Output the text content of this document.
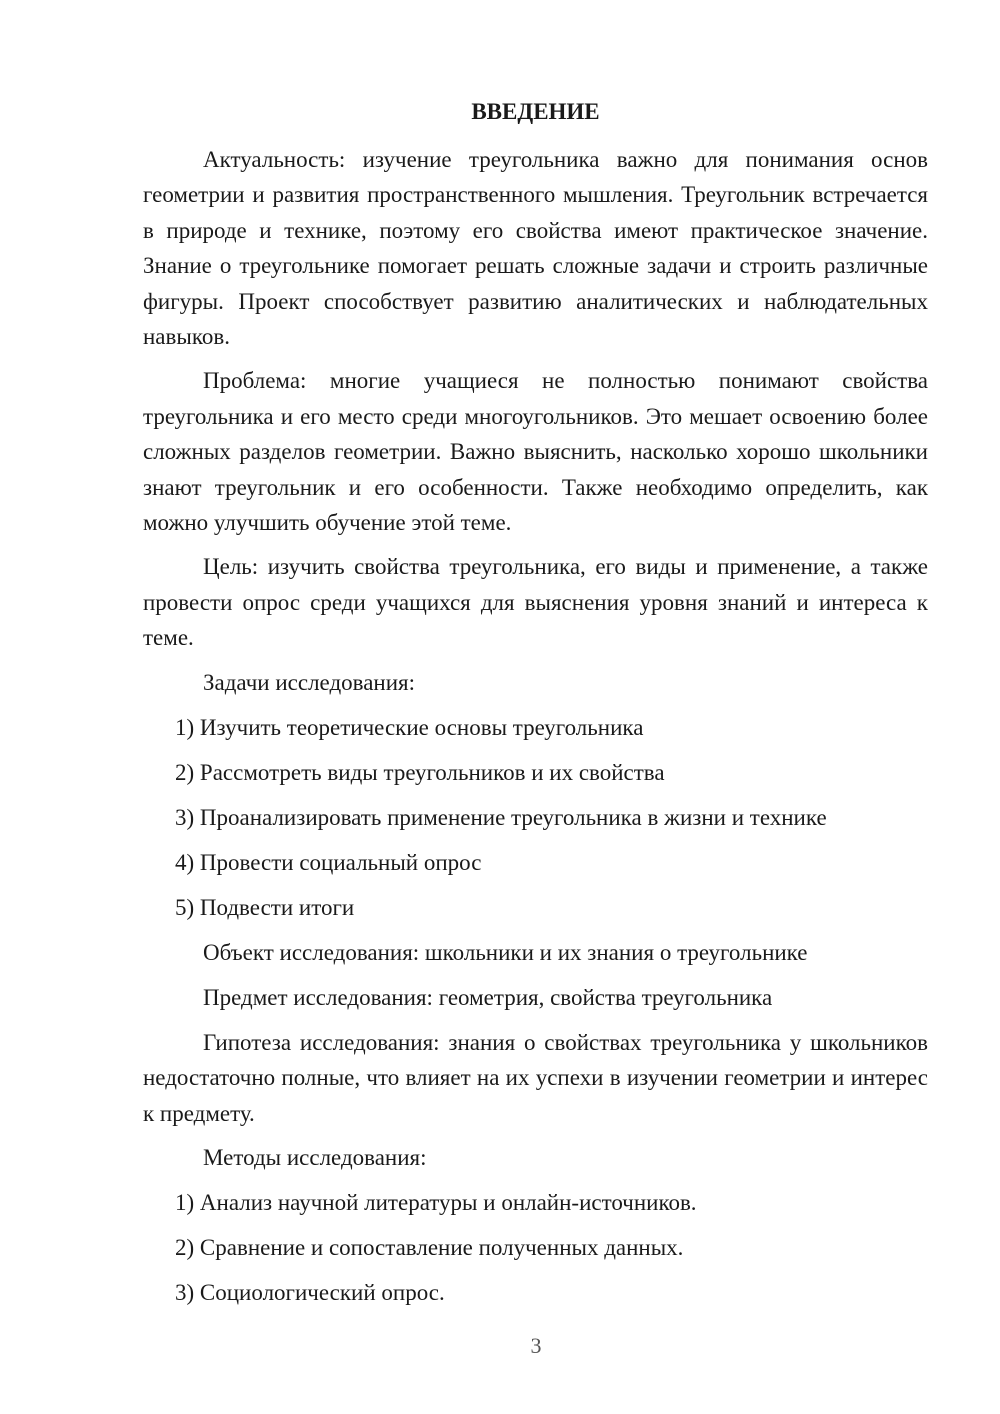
ВВЕДЕНИЕ

Актуальность: изучение треугольника важно для понимания основ геометрии и развития пространственного мышления. Треугольник встречается в природе и технике, поэтому его свойства имеют практическое значение. Знание о треугольнике помогает решать сложные задачи и строить различные фигуры. Проект способствует развитию аналитических и наблюдательных навыков.

Проблема: многие учащиеся не полностью понимают свойства треугольника и его место среди многоугольников. Это мешает освоению более сложных разделов геометрии. Важно выяснить, насколько хорошо школьники знают треугольник и его особенности. Также необходимо определить, как можно улучшить обучение этой теме.

Цель: изучить свойства треугольника, его виды и применение, а также провести опрос среди учащихся для выяснения уровня знаний и интереса к теме.

Задачи исследования:
1) Изучить теоретические основы треугольника
2) Рассмотреть виды треугольников и их свойства
3) Проанализировать применение треугольника в жизни и технике
4) Провести социальный опрос
5) Подвести итоги
Объект исследования: школьники и их знания о треугольнике
Предмет исследования: геометрия, свойства треугольника

Гипотеза исследования: знания о свойствах треугольника у школьников недостаточно полные, что влияет на их успехи в изучении геометрии и интерес к предмету.

Методы исследования:
1) Анализ научной литературы и онлайн-источников.
2) Сравнение и сопоставление полученных данных.
3) Социологический опрос.
3
